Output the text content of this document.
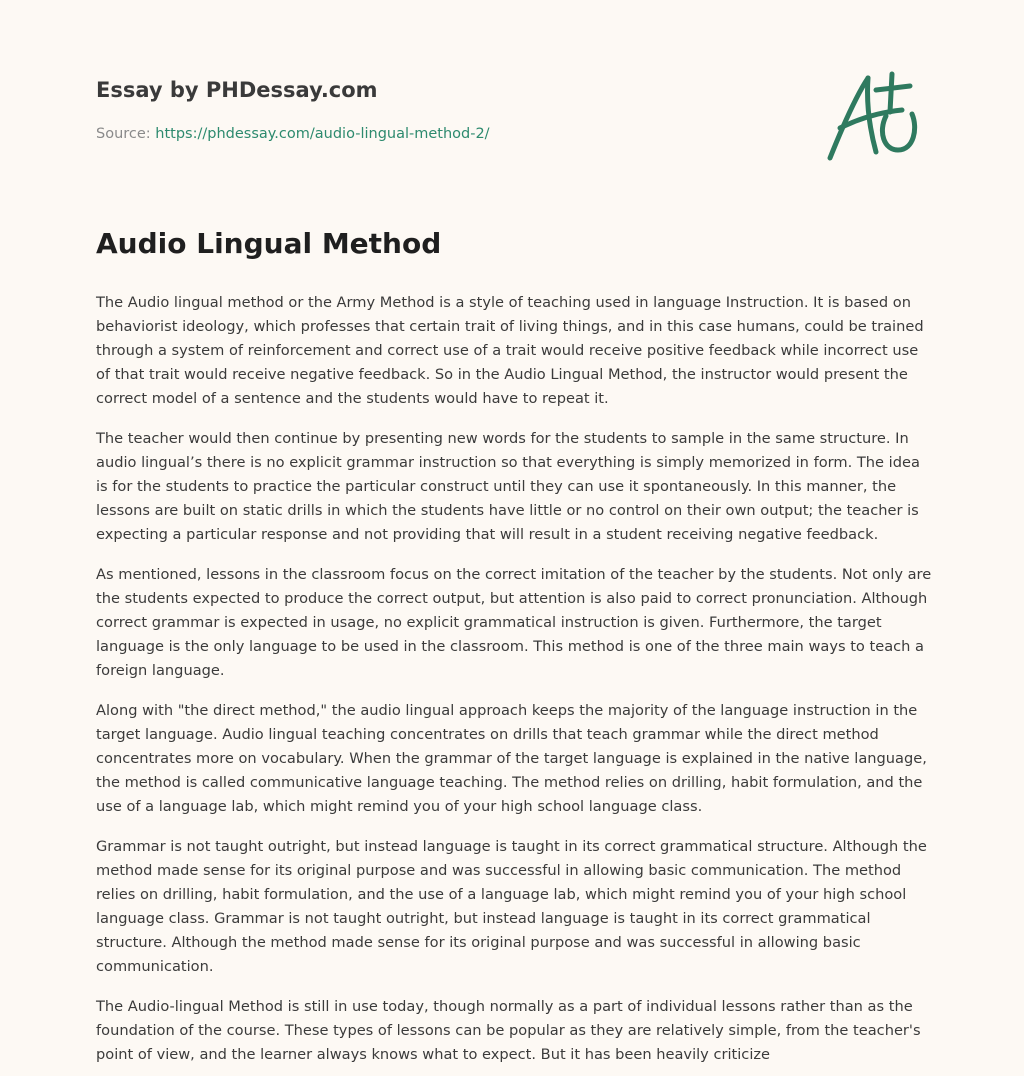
Essay by PHDessay.com
Source: https://phdessay.com/audio-lingual-method-2/
Audio Lingual Method

The Audio lingual method or the Army Method is a style of teaching used in language Instruction. It is based on behaviorist ideology, which professes that certain trait of living things, and in this case humans, could be trained through a system of reinforcement and correct use of a trait would receive positive feedback while incorrect use of that trait would receive negative feedback. So in the Audio Lingual Method, the instructor would present the correct model of a sentence and the students would have to repeat it.

The teacher would then continue by presenting new words for the students to sample in the same structure. In audio lingual’s there is no explicit grammar instruction so that everything is simply memorized in form. The idea is for the students to practice the particular construct until they can use it spontaneously. In this manner, the lessons are built on static drills in which the students have little or no control on their own output; the teacher is expecting a particular response and not providing that will result in a student receiving negative feedback.

As mentioned, lessons in the classroom focus on the correct imitation of the teacher by the students. Not only are the students expected to produce the correct output, but attention is also paid to correct pronunciation. Although correct grammar is expected in usage, no explicit grammatical instruction is given. Furthermore, the target language is the only language to be used in the classroom. This method is one of the three main ways to teach a foreign language.

Along with "the direct method," the audio lingual approach keeps the majority of the language instruction in the target language. Audio lingual teaching concentrates on drills that teach grammar while the direct method concentrates more on vocabulary. When the grammar of the target language is explained in the native language, the method is called communicative language teaching. The method relies on drilling, habit formulation, and the use of a language lab, which might remind you of your high school language class.

Grammar is not taught outright, but instead language is taught in its correct grammatical structure. Although the method made sense for its original purpose and was successful in allowing basic communication. The method relies on drilling, habit formulation, and the use of a language lab, which might remind you of your high school language class. Grammar is not taught outright, but instead language is taught in its correct grammatical structure. Although the method made sense for its original purpose and was successful in allowing basic communication.

The Audio-lingual Method is still in use today, though normally as a part of individual lessons rather than as the foundation of the course. These types of lessons can be popular as they are relatively simple, from the teacher's point of view, and the learner always knows what to expect. But it has been heavily criticize
